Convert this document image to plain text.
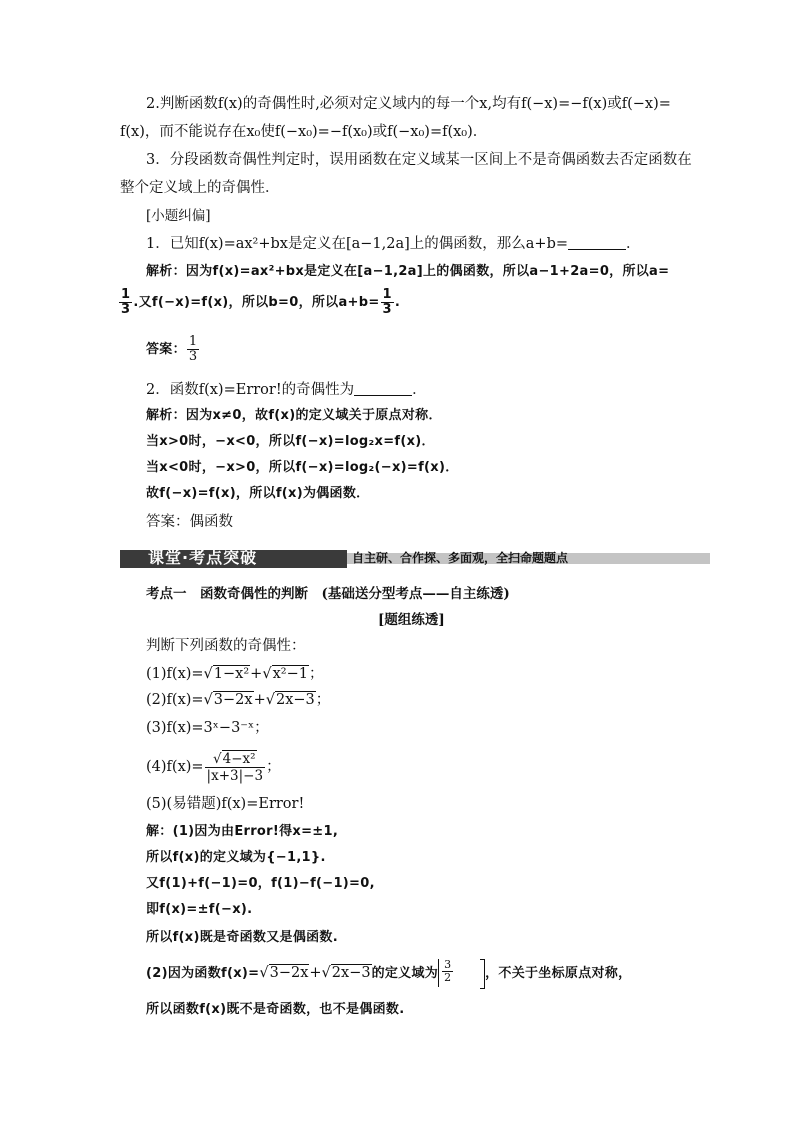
2.判断函数f(x)的奇偶性时,必须对定义域内的每一个x,均有f(−x)=−f(x)或f(−x)=
f(x)，而不能说存在x₀使f(−x₀)=−f(x₀)或f(−x₀)=f(x₀)．
3．分段函数奇偶性判定时，误用函数在定义域某一区间上不是奇偶函数去否定函数在
整个定义域上的奇偶性．
[小题纠偏]
1．已知f(x)=ax²+bx是定义在[a−1,2a]上的偶函数，那么a+b=	．
解析：因为f(x)=ax²+bx是定义在[a−1,2a]上的偶函数，所以a−1+2a=0，所以a=
$\frac{1}{3}$ .又f(−x)=f(x)，所以b=0，所以$a+b= \frac{1}{3}$ .
答案： $\frac{1}{3}$
2．函数f(x)=Error!的奇偶性为	．
解析：因为x≠0，故f(x)的定义域关于原点对称．
当x>0时，−x<0，所以f(−x)=log₂x=f(x)．
当x<0时，−x>0，所以f(−x)=log₂(−x)=f(x)．
故f(−x)=f(x)，所以f(x)为偶函数．
答案：偶函数
课堂·考点突破	自主研、合作探、多面观，全扫命题题点
考点一　函数奇偶性的判断　(基础送分型考点——自主练透)
[题组练透]
判断下列函数的奇偶性：
(1)f(x)=√1−x²+√x²−1；
(2)f(x)=√3−2x+√2x−3；
(3)f(x)=3ˣ−3⁻ˣ；
$(4)f(x)= \frac{\text{√4−x²}}{|x+3|-3}$ ；
(5)(易错题)f(x)=Error!
解：(1)因为由Error!得x=±1,
所以f(x)的定义域为{−1,1}.
又f(1)+f(−1)=0，f(1)−f(−1)=0,
即f(x)=±f(−x).
所以f(x)既是奇函数又是偶函数.
(2)因为函数f(x)=√3−2x+√2x−3的定义域为 $\frac{3}{2}$ ，不关于坐标原点对称，
所以函数f(x)既不是奇函数，也不是偶函数.
